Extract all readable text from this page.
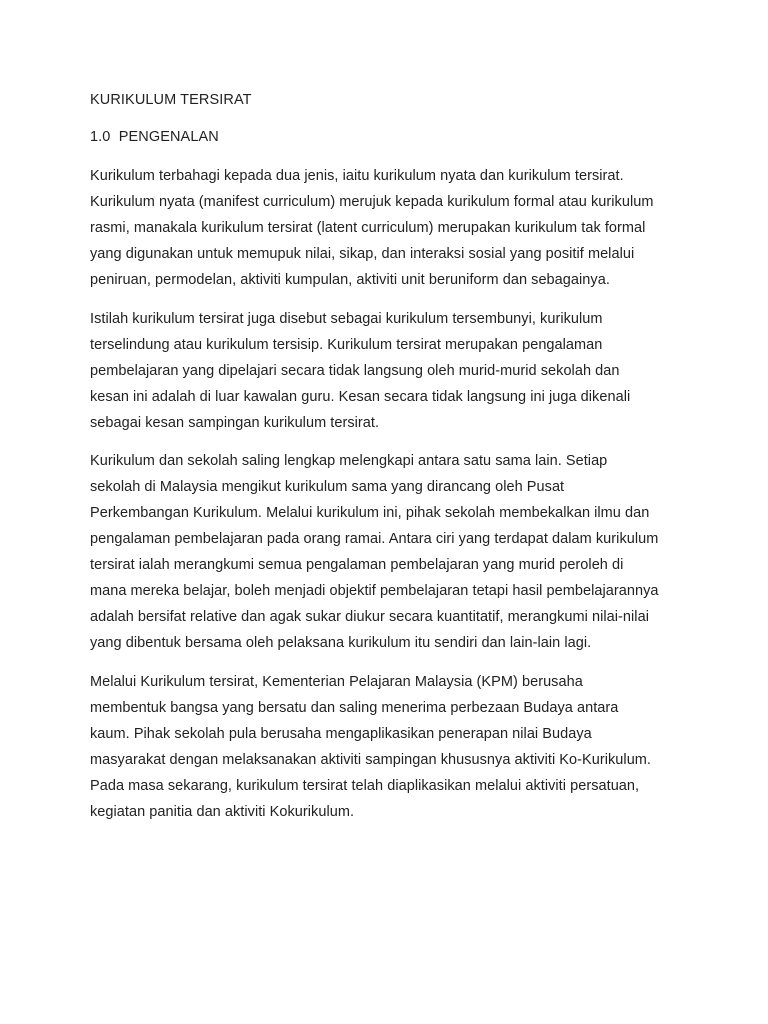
KURIKULUM TERSIRAT
1.0  PENGENALAN
Kurikulum terbahagi kepada dua jenis, iaitu kurikulum nyata dan kurikulum tersirat.
Kurikulum nyata (manifest curriculum) merujuk kepada kurikulum formal atau kurikulum
rasmi, manakala kurikulum tersirat (latent curriculum) merupakan kurikulum tak formal
yang digunakan untuk memupuk nilai, sikap, dan interaksi sosial yang positif melalui
peniruan, permodelan, aktiviti kumpulan, aktiviti unit beruniform dan sebagainya.
Istilah kurikulum tersirat juga disebut sebagai kurikulum tersembunyi, kurikulum
terselindung atau kurikulum tersisip. Kurikulum tersirat merupakan pengalaman
pembelajaran yang dipelajari secara tidak langsung oleh murid-murid sekolah dan
kesan ini adalah di luar kawalan guru. Kesan secara tidak langsung ini juga dikenali
sebagai kesan sampingan kurikulum tersirat.
Kurikulum dan sekolah saling lengkap melengkapi antara satu sama lain. Setiap
sekolah di Malaysia mengikut kurikulum sama yang dirancang oleh Pusat
Perkembangan Kurikulum. Melalui kurikulum ini, pihak sekolah membekalkan ilmu dan
pengalaman pembelajaran pada orang ramai. Antara ciri yang terdapat dalam kurikulum
tersirat ialah merangkumi semua pengalaman pembelajaran yang murid peroleh di
mana mereka belajar, boleh menjadi objektif pembelajaran tetapi hasil pembelajarannya
adalah bersifat relative dan agak sukar diukur secara kuantitatif, merangkumi nilai-nilai
yang dibentuk bersama oleh pelaksana kurikulum itu sendiri dan lain-lain lagi.
Melalui Kurikulum tersirat, Kementerian Pelajaran Malaysia (KPM) berusaha
membentuk bangsa yang bersatu dan saling menerima perbezaan Budaya antara
kaum. Pihak sekolah pula berusaha mengaplikasikan penerapan nilai Budaya
masyarakat dengan melaksanakan aktiviti sampingan khususnya aktiviti Ko-Kurikulum.
Pada masa sekarang, kurikulum tersirat telah diaplikasikan melalui aktiviti persatuan,
kegiatan panitia dan aktiviti Kokurikulum.
